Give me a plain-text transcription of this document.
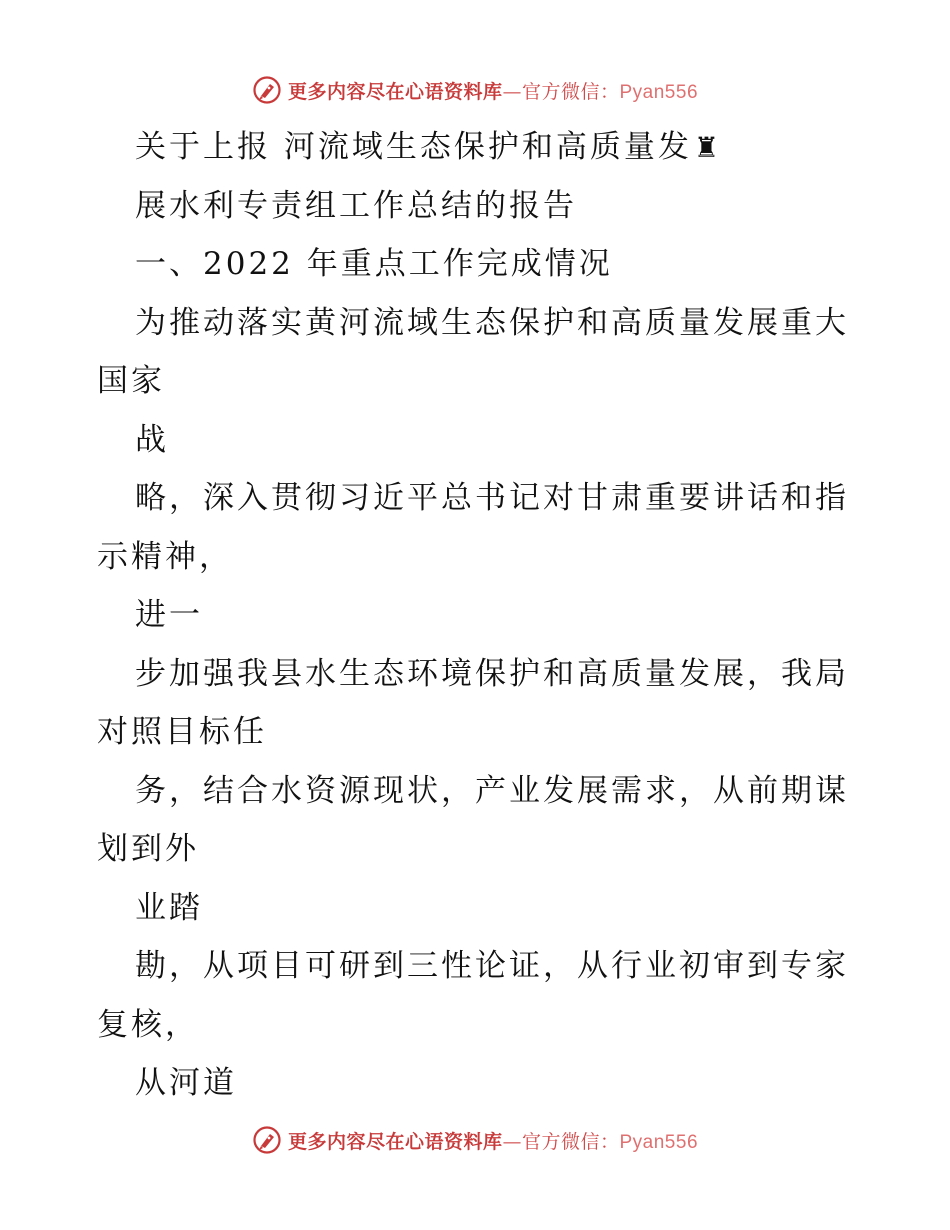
更多内容尽在心语资料库—官方微信：Pyan556
关于上报 河流域生态保护和高质量发♜
展水利专责组工作总结的报告
一、2022 年重点工作完成情况
为推动落实黄河流域生态保护和高质量发展重大
国家
战
略，深入贯彻习近平总书记对甘肃重要讲话和指
示精神，
进一
步加强我县水生态环境保护和高质量发展，我局
对照目标任
务，结合水资源现状，产业发展需求，从前期谋
划到外
业踏
勘，从项目可研到三性论证，从行业初审到专家
复核，
从河道
更多内容尽在心语资料库—官方微信：Pyan556
